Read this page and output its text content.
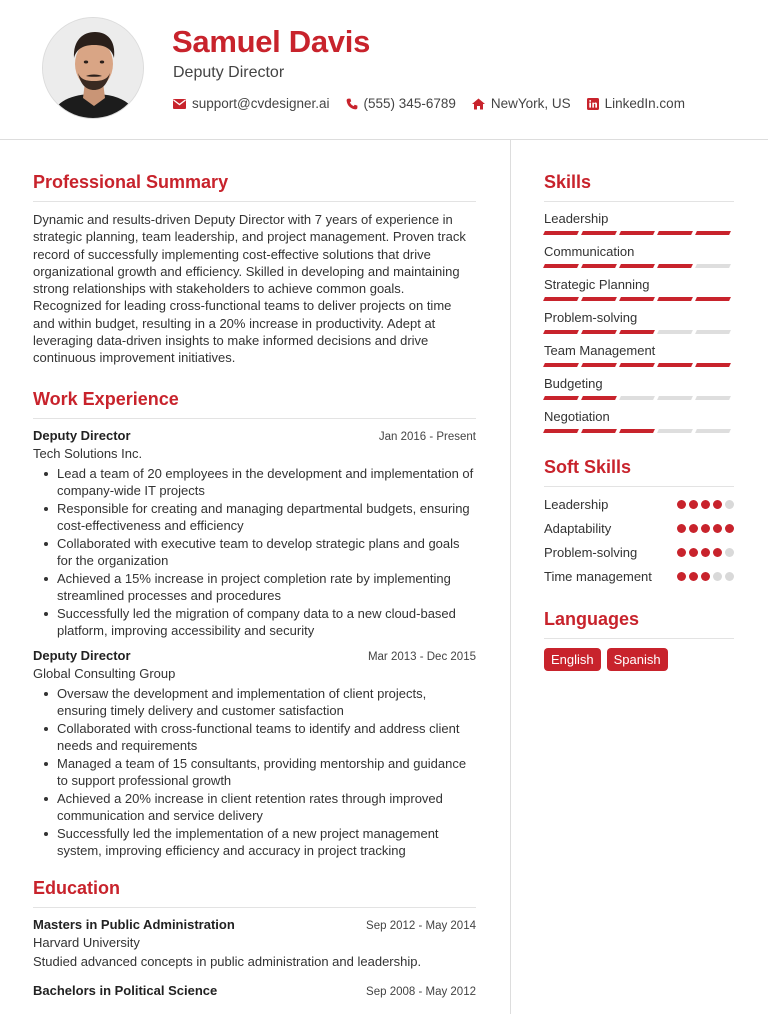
Samuel Davis
Deputy Director
support@cvdesigner.ai	(555) 345-6789	NewYork, US	LinkedIn.com
Professional Summary

Dynamic and results-driven Deputy Director with 7 years of experience in strategic planning, team leadership, and project management. Proven track record of successfully implementing cost-effective solutions that drive organizational growth and efficiency. Skilled in developing and maintaining strong relationships with stakeholders to achieve common goals. Recognized for leading cross-functional teams to deliver projects on time and within budget, resulting in a 20% increase in productivity. Adept at leveraging data-driven insights to make informed decisions and drive continuous improvement initiatives.

Work Experience
Deputy Director	Jan 2016 - Present
Tech Solutions Inc.
Lead a team of 20 employees in the development and implementation of company-wide IT projects
Responsible for creating and managing departmental budgets, ensuring cost-effectiveness and efficiency
Collaborated with executive team to develop strategic plans and goals for the organization
Achieved a 15% increase in project completion rate by implementing streamlined processes and procedures
Successfully led the migration of company data to a new cloud-based platform, improving accessibility and security
Deputy Director	Mar 2013 - Dec 2015
Global Consulting Group
Oversaw the development and implementation of client projects, ensuring timely delivery and customer satisfaction
Collaborated with cross-functional teams to identify and address client needs and requirements
Managed a team of 15 consultants, providing mentorship and guidance to support professional growth
Achieved a 20% increase in client retention rates through improved communication and service delivery
Successfully led the implementation of a new project management system, improving efficiency and accuracy in project tracking
Education
Masters in Public Administration	Sep 2012 - May 2014
Harvard University
Studied advanced concepts in public administration and leadership.
Bachelors in Political Science	Sep 2008 - May 2012
Skills
Leadership
Communication
Strategic Planning
Problem-solving
Team Management
Budgeting
Negotiation
Soft Skills
Leadership
Adaptability
Problem-solving
Time management
Languages
English	Spanish
